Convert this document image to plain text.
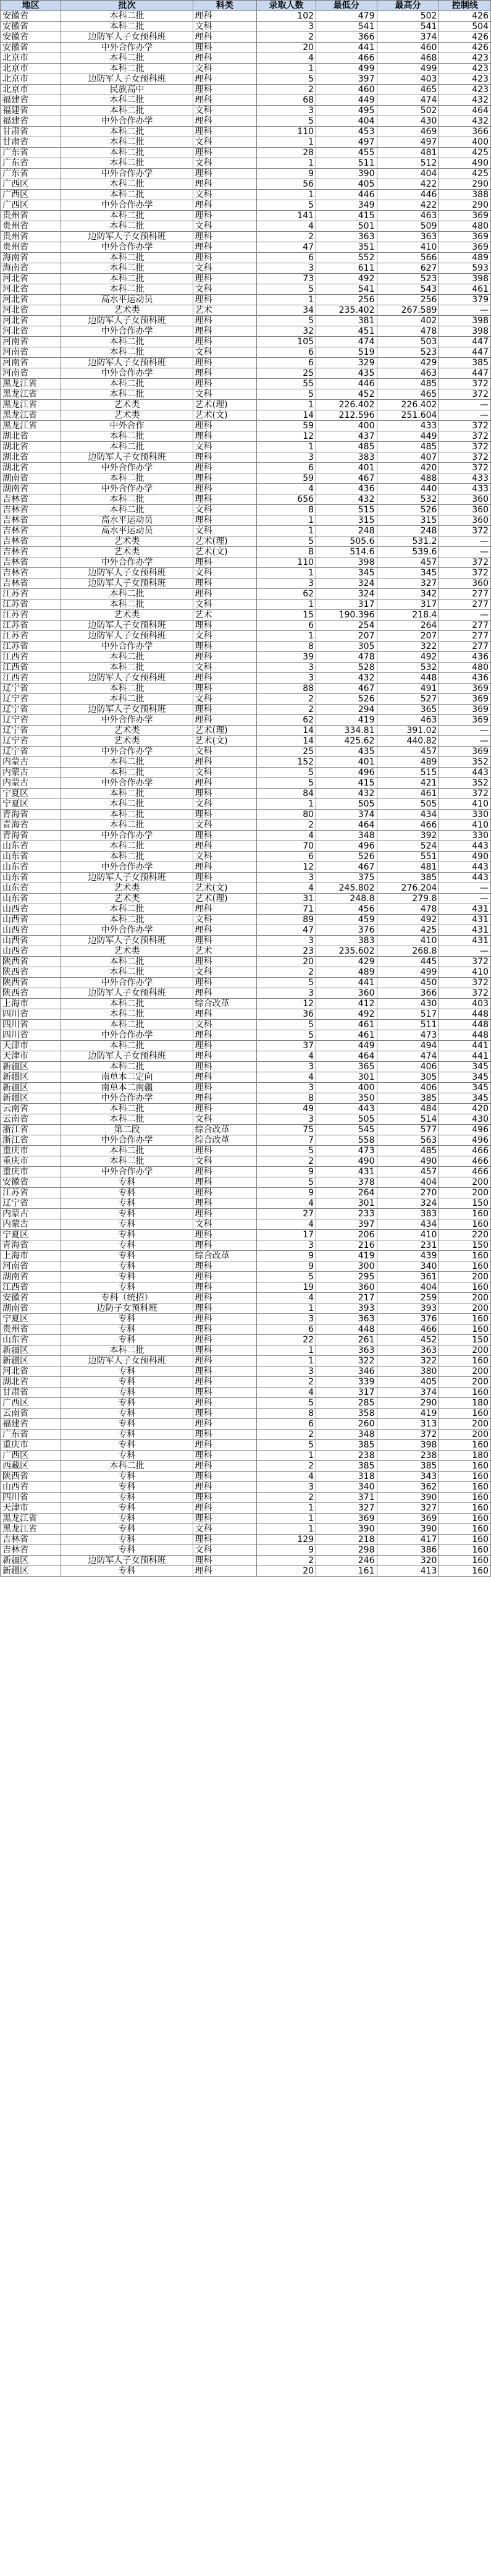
地区	批次	科类	录取人数	最低分	最高分	控制线
安徽省	本科二批	理科	102	479	502	426
安徽省	本科二批	文科	3	541	541	504
安徽省	边防军人子女预科班	理科	2	366	374	426
安徽省	中外合作办学	理科	20	441	460	426
北京市	本科二批	理科	4	466	468	423
北京市	本科二批	文科	1	499	499	423
北京市	边防军人子女预科班	理科	5	397	403	423
北京市	民族高中	理科	2	460	465	423
福建省	本科二批	理科	68	449	474	432
福建省	本科二批	文科	3	495	502	464
福建省	中外合作办学	理科	5	404	430	432
甘肃省	本科二批	理科	110	453	469	366
甘肃省	本科二批	文科	1	497	497	400
广东省	本科二批	理科	28	455	481	425
广东省	本科二批	文科	1	511	512	490
广东省	中外合作办学	理科	9	390	404	425
广西区	本科二批	理科	56	405	422	290
广西区	本科二批	文科	1	446	446	388
广西区	中外合作办学	理科	5	349	422	290
贵州省	本科二批	理科	141	415	463	369
贵州省	本科二批	文科	4	501	509	480
贵州省	边防军人子女预科班	理科	2	363	363	369
贵州省	中外合作办学	理科	47	351	410	369
海南省	本科二批	理科	6	552	566	489
海南省	本科二批	文科	3	611	627	593
河北省	本科二批	理科	73	492	523	398
河北省	本科二批	文科	5	541	543	461
河北省	高水平运动员	理科	1	256	256	379
河北省	艺术类	艺术	34	235.402	267.589	—
河北省	边防军人子女预科班	理科	5	381	402	398
河北省	中外合作办学	理科	32	451	478	398
河南省	本科二批	理科	105	474	503	447
河南省	本科二批	文科	6	519	523	447
河南省	边防军人子女预科班	理科	6	329	429	385
河南省	中外合作办学	理科	25	435	463	447
黑龙江省	本科二批	理科	55	446	485	372
黑龙江省	本科二批	文科	5	452	465	372
黑龙江省	艺术类	艺术(理)	1	226.402	226.402	—
黑龙江省	艺术类	艺术(文)	14	212.596	251.604	—
黑龙江省	中外合作	理科	59	400	433	372
湖北省	本科二批	理科	12	437	449	372
湖北省	本科二批	文科	1	485	485	372
湖北省	边防军人子女预科班	理科	3	383	407	372
湖北省	中外合作办学	理科	6	401	420	372
湖南省	本科二批	理科	59	467	488	433
湖南省	中外合作办学	理科	4	436	440	433
吉林省	本科二批	理科	656	432	532	360
吉林省	本科二批	文科	8	515	526	360
吉林省	高水平运动员	理科	1	315	315	360
吉林省	高水平运动员	文科	1	248	248	372
吉林省	艺术类	艺术(理)	5	505.6	531.2	—
吉林省	艺术类	艺术(文)	8	514.6	539.6	—
吉林省	中外合作办学	理科	110	398	457	372
吉林省	边防军人子女预科班	文科	1	345	345	372
吉林省	边防军人子女预科班	理科	3	324	327	360
江苏省	本科二批	理科	62	324	342	277
江苏省	本科二批	文科	1	317	317	277
江苏省	艺术类	艺术	15	190.396	218.4	—
江苏省	边防军人子女预科班	理科	6	254	264	277
江苏省	边防军人子女预科班	文科	1	207	207	277
江苏省	中外合作办学	理科	8	305	322	277
江西省	本科二批	理科	39	478	492	436
江西省	本科二批	文科	3	528	532	480
江西省	边防军人子女预科班	理科	3	432	448	436
辽宁省	本科二批	理科	88	467	491	369
辽宁省	本科二批	文科	2	526	527	369
辽宁省	边防军人子女预科班	理科	2	294	365	369
辽宁省	中外合作办学	理科	62	419	463	369
辽宁省	艺术类	艺术(理)	14	334.81	391.02	—
辽宁省	艺术类	艺术(文)	14	425.62	440.82	—
辽宁省	中外合作办学	文科	25	435	457	369
内蒙古	本科二批	理科	152	401	489	352
内蒙古	本科二批	文科	5	496	515	443
内蒙古	中外合作办学	理科	5	415	421	352
宁夏区	本科二批	理科	84	432	461	372
宁夏区	本科二批	文科	1	505	505	410
青海省	本科二批	理科	80	374	434	330
青海省	本科二批	文科	2	464	466	410
青海省	中外合作办学	理科	4	348	392	330
山东省	本科二批	理科	70	496	524	443
山东省	本科二批	文科	6	526	551	490
山东省	中外合作办学	理科	12	467	481	443
山东省	边防军人子女预科班	理科	3	375	385	443
山东省	艺术类	艺术(文)	4	245.802	276.204	—
山东省	艺术类	艺术(理)	31	248.8	279.8	—
山西省	本科二批	理科	71	456	478	431
山西省	本科二批	文科	89	459	492	431
山西省	中外合作办学	理科	47	376	425	431
山西省	边防军人子女预科班	理科	3	383	410	431
山西省	艺术类	艺术	23	235.602	268.8	—
陕西省	本科二批	理科	20	429	445	372
陕西省	本科二批	文科	2	489	499	410
陕西省	中外合作办学	理科	5	441	450	372
陕西省	边防军人子女预科班	理科	3	360	366	372
上海市	本科二批	综合改革	12	412	430	403
四川省	本科二批	理科	36	492	517	448
四川省	本科二批	文科	5	461	511	448
四川省	中外合作办学	理科	5	461	473	448
天津市	本科二批	理科	37	449	494	441
天津市	边防军人子女预科班	理科	4	464	474	441
新疆区	本科二批	理科	3	365	406	345
新疆区	南单本二定向	理科	4	301	305	345
新疆区	南单本二南疆	理科	3	400	406	345
新疆区	中外合作办学	理科	8	350	385	345
云南省	本科二批	理科	49	443	484	420
云南省	本科二批	文科	3	505	514	430
浙江省	第二段	综合改革	75	545	577	496
浙江省	中外合作办学	综合改革	7	558	563	496
重庆市	本科二批	理科	5	473	485	466
重庆市	本科二批	文科	2	490	490	466
重庆市	中外合作办学	理科	9	431	457	466
安徽省	专科	理科	5	378	404	200
江苏省	专科	理科	9	264	270	200
辽宁省	专科	理科	4	301	324	150
内蒙古	专科	理科	27	233	383	160
内蒙古	专科	文科	4	397	434	160
宁夏区	专科	理科	17	206	410	220
青海省	专科	理科	3	216	231	150
上海市	专科	综合改革	9	419	439	160
河南省	专科	理科	9	300	340	160
湖南省	专科	理科	5	295	361	200
江西省	专科	理科	19	360	404	160
安徽省	专科（统招）	理科	4	217	259	200
湖南省	边防子女预科班	理科	1	393	393	200
宁夏区	专科	理科	3	363	376	160
贵州省	专科	理科	6	448	466	160
山东省	专科	理科	22	261	452	150
新疆区	本科二批	理科	1	363	363	200
新疆区	边防军人子女预科班	理科	1	322	322	160
河北省	专科	理科	3	346	380	200
湖北省	专科	理科	2	339	405	200
甘肃省	专科	理科	4	317	374	160
广西区	专科	理科	5	285	290	180
云南省	专科	理科	8	358	419	160
福建省	专科	理科	6	260	313	200
广东省	专科	理科	2	348	372	200
重庆市	专科	理科	5	385	398	160
广西区	专科	理科	1	238	238	180
西藏区	本科二批	理科	2	385	385	160
陕西省	专科	理科	4	318	343	160
山西省	专科	理科	3	340	362	160
四川省	专科	理科	2	371	390	160
天津市	专科	理科	1	327	327	160
黑龙江省	专科	理科	1	369	369	160
黑龙江省	专科	文科	1	390	390	160
吉林省	专科	理科	129	218	417	160
吉林省	专科	文科	9	298	386	160
新疆区	边防军人子女预科班	理科	2	246	320	160
新疆区	专科	理科	20	161	413	160
